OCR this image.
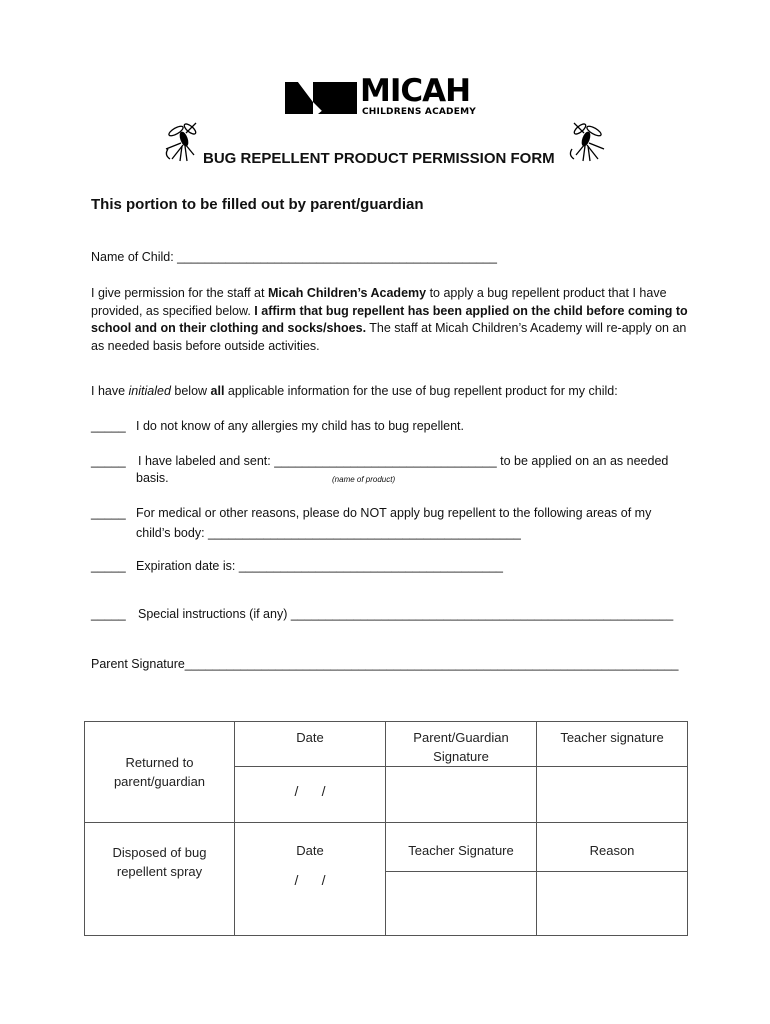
MICAH
CHILDRENS ACADEMY
BUG REPELLENT PRODUCT PERMISSION FORM
This portion to be filled out by parent/guardian
Name of Child: ______________________________________________
I give permission for the staff at Micah Children’s Academy to apply a bug repellent product that I have provided, as specified below. I affirm that bug repellent has been applied on the child before coming to school and on their clothing and socks/shoes. The staff at Micah Children’s Academy will re-apply on an as needed basis before outside activities.
I have initialed below all applicable information for the use of bug repellent product for my child:
_____ I do not know of any allergies my child has to bug repellent.
_____ I have labeled and sent: ________________________________ to be applied on an as needed
basis.	(name of product)
_____ For medical or other reasons, please do NOT apply bug repellent to the following areas of my
child’s body: _____________________________________________
_____ Expiration date is: ______________________________________
_____ Special instructions (if any) _______________________________________________________
Parent Signature_______________________________________________________________________
Returned to parent/guardian	Date	Parent/Guardian Signature	Teacher signature

	/      /		

Disposed of bug repellent spray	Date	Teacher Signature	Reason

	/      /		
